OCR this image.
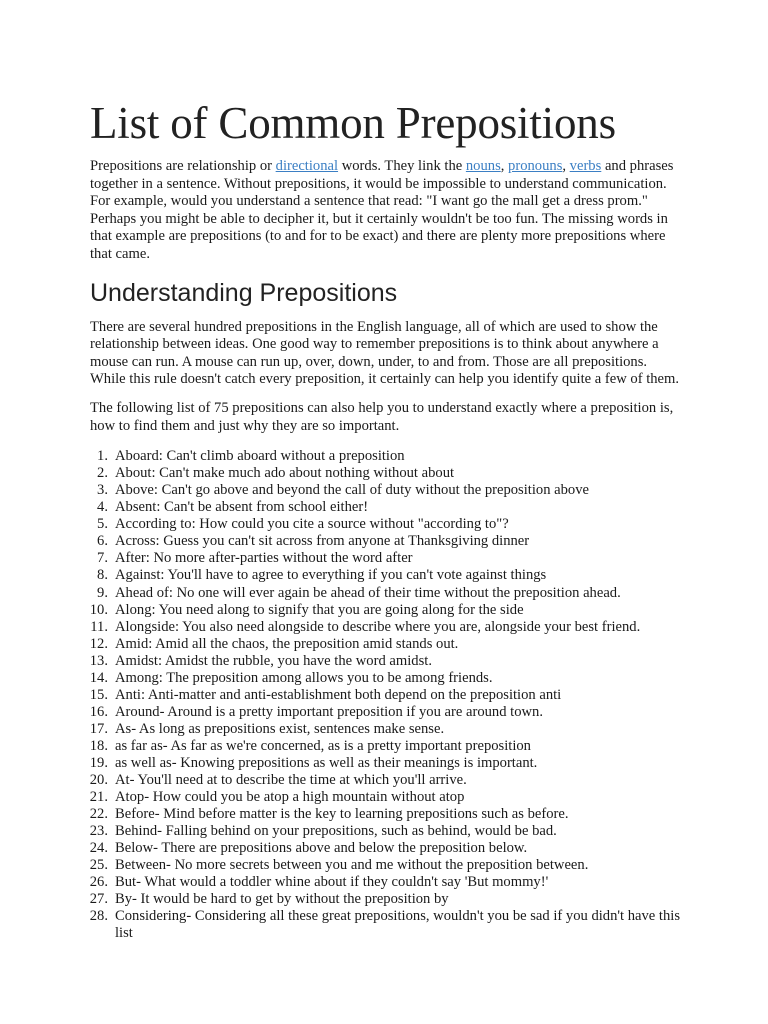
List of Common Prepositions

Prepositions are relationship or directional words. They link the nouns, pronouns, verbs and phrases together in a sentence. Without prepositions, it would be impossible to understand communication. For example, would you understand a sentence that read: "I want go the mall get a dress prom." Perhaps you might be able to decipher it, but it certainly wouldn't be too fun. The missing words in that example are prepositions (to and for to be exact) and there are plenty more prepositions where that came.

Understanding Prepositions

There are several hundred prepositions in the English language, all of which are used to show the relationship between ideas. One good way to remember prepositions is to think about anywhere a mouse can run. A mouse can run up, over, down, under, to and from. Those are all prepositions. While this rule doesn't catch every preposition, it certainly can help you identify quite a few of them.

The following list of 75 prepositions can also help you to understand exactly where a preposition is, how to find them and just why they are so important.

1. Aboard: Can't climb aboard without a preposition
2. About: Can't make much ado about nothing without about
3. Above: Can't go above and beyond the call of duty without the preposition above
4. Absent: Can't be absent from school either!
5. According to: How could you cite a source without "according to"?
6. Across: Guess you can't sit across from anyone at Thanksgiving dinner
7. After: No more after-parties without the word after
8. Against: You'll have to agree to everything if you can't vote against things
9. Ahead of: No one will ever again be ahead of their time without the preposition ahead.
10. Along: You need along to signify that you are going along for the side
11. Alongside: You also need alongside to describe where you are, alongside your best friend.
12. Amid: Amid all the chaos, the preposition amid stands out.
13. Amidst: Amidst the rubble, you have the word amidst.
14. Among: The preposition among allows you to be among friends.
15. Anti: Anti-matter and anti-establishment both depend on the preposition anti
16. Around- Around is a pretty important preposition if you are around town.
17. As- As long as prepositions exist, sentences make sense.
18. as far as- As far as we're concerned, as is a pretty important preposition
19. as well as- Knowing prepositions as well as their meanings is important.
20. At- You'll need at to describe the time at which you'll arrive.
21. Atop- How could you be atop a high mountain without atop
22. Before- Mind before matter is the key to learning prepositions such as before.
23. Behind- Falling behind on your prepositions, such as behind, would be bad.
24. Below- There are prepositions above and below the preposition below.
25. Between- No more secrets between you and me without the preposition between.
26. But- What would a toddler whine about if they couldn't say 'But mommy!'
27. By- It would be hard to get by without the preposition by
28. Considering- Considering all these great prepositions, wouldn't you be sad if you didn't have this list
